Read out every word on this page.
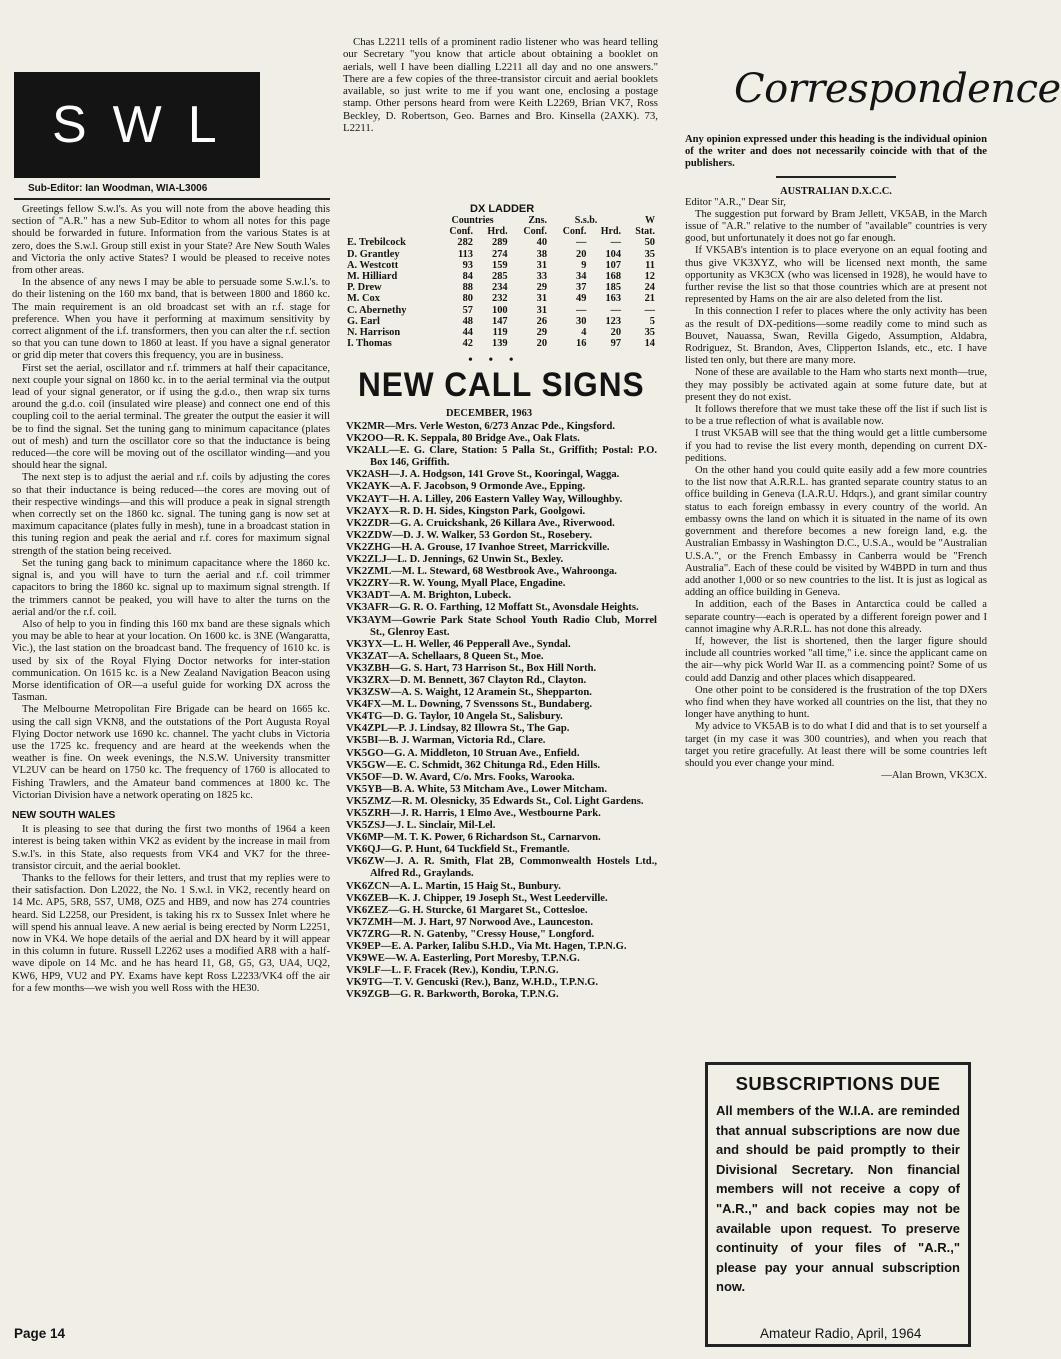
SWL
Sub-Editor: Ian Woodman, WIA-L3006

Greetings fellow S.w.l's. As you will note from the above heading this section of "A.R." has a new Sub-Editor to whom all notes for this page should be forwarded in future. Information from the various States is at zero, does the S.w.l. Group still exist in your State? Are New South Wales and Victoria the only active States? I would be pleased to receive notes from other areas.

In the absence of any news I may be able to persuade some S.w.l.'s. to do their listening on the 160 mx band, that is between 1800 and 1860 kc. The main requirement is an old broadcast set with an r.f. stage for preference. When you have it performing at maximum sensitivity by correct alignment of the i.f. transformers, then you can alter the r.f. section so that you can tune down to 1860 at least. If you have a signal generator or grid dip meter that covers this frequency, you are in business.

First set the aerial, oscillator and r.f. trimmers at half their capacitance, next couple your signal on 1860 kc. in to the aerial terminal via the output lead of your signal generator, or if using the g.d.o., then wrap six turns around the g.d.o. coil (insulated wire please) and connect one end of this coupling coil to the aerial terminal. The greater the output the easier it will be to find the signal. Set the tuning gang to minimum capacitance (plates out of mesh) and turn the oscillator core so that the inductance is being reduced—the core will be moving out of the oscillator winding—and you should hear the signal.

The next step is to adjust the aerial and r.f. coils by adjusting the cores so that their inductance is being reduced—the cores are moving out of their respective windings—and this will produce a peak in signal strength when correctly set on the 1860 kc. signal. The tuning gang is now set at maximum capacitance (plates fully in mesh), tune in a broadcast station in this tuning region and peak the aerial and r.f. cores for maximum signal strength of the station being received.

Set the tuning gang back to minimum capacitance where the 1860 kc. signal is, and you will have to turn the aerial and r.f. coil trimmer capacitors to bring the 1860 kc. signal up to maximum signal strength. If the trimmers cannot be peaked, you will have to alter the turns on the aerial and/or the r.f. coil.

Also of help to you in finding this 160 mx band are these signals which you may be able to hear at your location. On 1600 kc. is 3NE (Wangaratta, Vic.), the last station on the broadcast band. The frequency of 1610 kc. is used by six of the Royal Flying Doctor networks for inter-station communication. On 1615 kc. is a New Zealand Navigation Beacon using Morse identification of OR—a useful guide for working DX across the Tasman.

The Melbourne Metropolitan Fire Brigade can be heard on 1665 kc. using the call sign VKN8, and the outstations of the Port Augusta Royal Flying Doctor network use 1690 kc. channel. The yacht clubs in Victoria use the 1725 kc. frequency and are heard at the weekends when the weather is fine. On week evenings, the N.S.W. University transmitter VL2UV can be heard on 1750 kc. The frequency of 1760 is allocated to Fishing Trawlers, and the Amateur band commences at 1800 kc. The Victorian Division have a network operating on 1825 kc.

NEW SOUTH WALES

It is pleasing to see that during the first two months of 1964 a keen interest is being taken within VK2 as evident by the increase in mail from S.w.l's. in this State, also requests from VK4 and VK7 for the three-transistor circuit, and the aerial booklet.

Thanks to the fellows for their letters, and trust that my replies were to their satisfaction. Don L2022, the No. 1 S.w.l. in VK2, recently heard on 14 Mc. AP5, 5R8, 5S7, UM8, OZ5 and HB9, and now has 274 countries heard. Sid L2258, our President, is taking his rx to Sussex Inlet where he will spend his annual leave. A new aerial is being erected by Norm L2251, now in VK4. We hope details of the aerial and DX heard by it will appear in this column in future. Russell L2262 uses a modified AR8 with a half-wave dipole on 14 Mc. and he has heard I1, G8, G5, G3, UA4, UQ2, KW6, HP9, VU2 and PY. Exams have kept Ross L2233/VK4 off the air for a few months—we wish you well Ross with the HE30.

Chas L2211 tells of a prominent radio listener who was heard telling our Secretary "you know that article about obtaining a booklet on aerials, well I have been dialling L2211 all day and no one answers." There are a few copies of the three-transistor circuit and aerial booklets available, so just write to me if you want one, enclosing a postage stamp. Other persons heard from were Keith L2269, Brian VK7, Ross Beckley, D. Robertson, Geo. Barnes and Bro. Kinsella (2AXK). 73, L2211.

DX LADDER
	Countries		Zns.	S.s.b.		W
	Conf.	Hrd.	Conf.	Conf.	Hrd.	Stat.
E. Trebilcock	282	289	40	—	—	50
D. Grantley	113	274	38	20	104	35
A. Westcott	93	159	31	9	107	11
M. Hilliard	84	285	33	34	168	12
P. Drew	88	234	29	37	185	24
M. Cox	80	232	31	49	163	21
C. Abernethy	57	100	31	—	—	—
G. Earl	48	147	26	30	123	5
N. Harrison	44	119	29	4	20	35
I. Thomas	42	139	20	16	97	14
• • •
NEW CALL SIGNS
DECEMBER, 1963

VK2MR—Mrs. Verle Weston, 6/273 Anzac Pde., Kingsford.

VK2OO—R. K. Seppala, 80 Bridge Ave., Oak Flats.

VK2ALL—E. G. Clare, Station: 5 Palla St., Griffith; Postal: P.O. Box 146, Griffith.

VK2ASH—J. A. Hodgson, 141 Grove St., Kooringal, Wagga.

VK2AYK—A. F. Jacobson, 9 Ormonde Ave., Epping.

VK2AYT—H. A. Lilley, 206 Eastern Valley Way, Willoughby.

VK2AYX—R. D. H. Sides, Kingston Park, Goolgowi.

VK2ZDR—G. A. Cruickshank, 26 Killara Ave., Riverwood.

VK2ZDW—D. J. W. Walker, 53 Gordon St., Rosebery.

VK2ZHG—H. A. Grouse, 17 Ivanhoe Street, Marrickville.

VK2ZLJ—L. D. Jennings, 62 Unwin St., Bexley.

VK2ZML—M. L. Steward, 68 Westbrook Ave., Wahroonga.

VK2ZRY—R. W. Young, Myall Place, Engadine.

VK3ADT—A. M. Brighton, Lubeck.

VK3AFR—G. R. O. Farthing, 12 Moffatt St., Avonsdale Heights.

VK3AYM—Gowrie Park State School Youth Radio Club, Morrel St., Glenroy East.

VK3YX—L. H. Weller, 46 Pepperall Ave., Syndal.

VK3ZAT—A. Schellaars, 8 Queen St., Moe.

VK3ZBH—G. S. Hart, 73 Harrison St., Box Hill North.

VK3ZRX—D. M. Bennett, 367 Clayton Rd., Clayton.

VK3ZSW—A. S. Waight, 12 Aramein St., Shepparton.

VK4FX—M. L. Downing, 7 Svenssons St., Bundaberg.

VK4TG—D. G. Taylor, 10 Angela St., Salisbury.

VK4ZPL—P. J. Lindsay, 82 Illowra St., The Gap.

VK5BI—B. J. Warman, Victoria Rd., Clare.

VK5GO—G. A. Middleton, 10 Struan Ave., Enfield.

VK5GW—E. C. Schmidt, 362 Chitunga Rd., Eden Hills.

VK5OF—D. W. Avard, C/o. Mrs. Fooks, Warooka.

VK5YB—B. A. White, 53 Mitcham Ave., Lower Mitcham.

VK5ZMZ—R. M. Olesnicky, 35 Edwards St., Col. Light Gardens.

VK5ZRH—J. R. Harris, 1 Elmo Ave., Westbourne Park.

VK5ZSJ—J. L. Sinclair, Mil-Lel.

VK6MP—M. T. K. Power, 6 Richardson St., Carnarvon.

VK6QJ—G. P. Hunt, 64 Tuckfield St., Fremantle.

VK6ZW—J. A. R. Smith, Flat 2B, Commonwealth Hostels Ltd., Alfred Rd., Graylands.

VK6ZCN—A. L. Martin, 15 Haig St., Bunbury.

VK6ZEB—K. J. Chipper, 19 Joseph St., West Leederville.

VK6ZEZ—G. H. Sturcke, 61 Margaret St., Cottesloe.

VK7ZMH—M. J. Hart, 97 Norwood Ave., Launceston.

VK7ZRG—R. N. Gatenby, "Cressy House," Longford.

VK9EP—E. A. Parker, Ialibu S.H.D., Via Mt. Hagen, T.P.N.G.

VK9WE—W. A. Easterling, Port Moresby, T.P.N.G.

VK9LF—L. F. Fracek (Rev.), Kondiu, T.P.N.G.

VK9TG—T. V. Gencuski (Rev.), Banz, W.H.D., T.P.N.G.

VK9ZGB—G. R. Barkworth, Boroka, T.P.N.G.

Correspondence

Any opinion expressed under this heading is the individual opinion of the writer and does not necessarily coincide with that of the publishers.

AUSTRALIAN D.X.C.C.

Editor "A.R.," Dear Sir,

The suggestion put forward by Bram Jellett, VK5AB, in the March issue of "A.R." relative to the number of "available" countries is very good, but unfortunately it does not go far enough.

If VK5AB's intention is to place everyone on an equal footing and thus give VK3XYZ, who will be licensed next month, the same opportunity as VK3CX (who was licensed in 1928), he would have to further revise the list so that those countries which are at present not represented by Hams on the air are also deleted from the list.

In this connection I refer to places where the only activity has been as the result of DX-peditions—some readily come to mind such as Bouvet, Nauassa, Swan, Revilla Gigedo, Assumption, Aldabra, Rodriguez, St. Brandon, Aves, Clipperton Islands, etc., etc. I have listed ten only, but there are many more.

None of these are available to the Ham who starts next month—true, they may possibly be activated again at some future date, but at present they do not exist.

It follows therefore that we must take these off the list if such list is to be a true reflection of what is available now.

I trust VK5AB will see that the thing would get a little cumbersome if you had to revise the list every month, depending on current DX-peditions.

On the other hand you could quite easily add a few more countries to the list now that A.R.R.L. has granted separate country status to an office building in Geneva (I.A.R.U. Hdqrs.), and grant similar country status to each foreign embassy in every country of the world. An embassy owns the land on which it is situated in the name of its own government and therefore becomes a new foreign land, e.g. the Australian Embassy in Washington D.C., U.S.A., would be "Australian U.S.A.", or the French Embassy in Canberra would be "French Australia". Each of these could be visited by W4BPD in turn and thus add another 1,000 or so new countries to the list. It is just as logical as adding an office building in Geneva.

In addition, each of the Bases in Antarctica could be called a separate country—each is operated by a different foreign power and I cannot imagine why A.R.R.L. has not done this already.

If, however, the list is shortened, then the larger figure should include all countries worked "all time," i.e. since the applicant came on the air—why pick World War II. as a commencing point? Some of us could add Danzig and other places which disappeared.

One other point to be considered is the frustration of the top DXers who find when they have worked all countries on the list, that they no longer have anything to hunt.

My advice to VK5AB is to do what I did and that is to set yourself a target (in my case it was 300 countries), and when you reach that target you retire gracefully. At least there will be some countries left should you ever change your mind.

—Alan Brown, VK3CX.

SUBSCRIPTIONS DUE

All members of the W.I.A. are reminded that annual subscriptions are now due and should be paid promptly to their Divisional Secretary. Non financial members will not receive a copy of "A.R.," and back copies may not be available upon request. To preserve continuity of your files of "A.R.," please pay your annual subscription now.

Page 14	Amateur Radio, April, 1964
